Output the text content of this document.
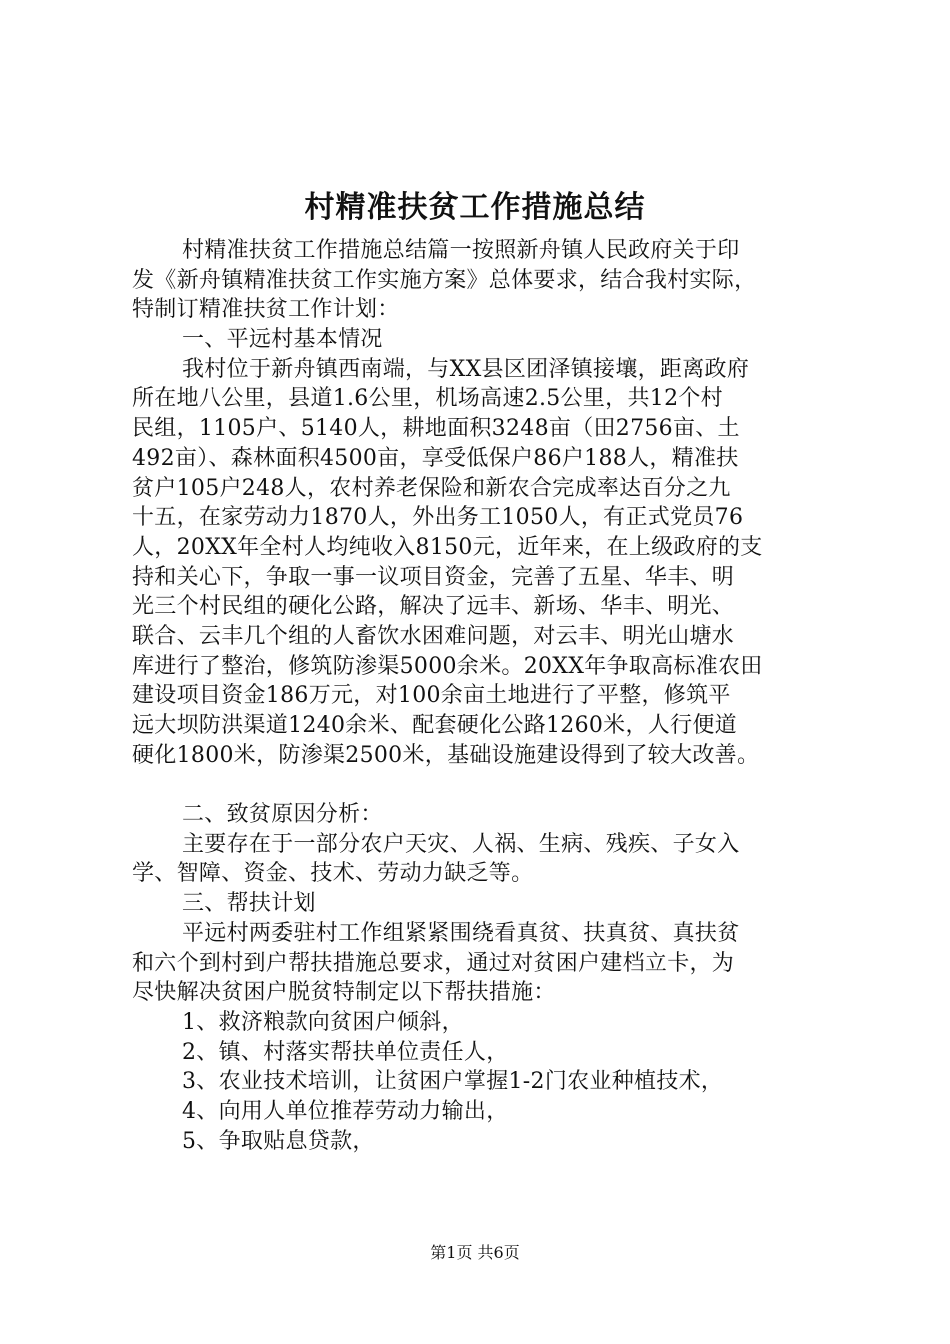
村精准扶贫工作措施总结
村精准扶贫工作措施总结篇一按照新舟镇人民政府关于印
发《新舟镇精准扶贫工作实施方案》总体要求，结合我村实际，
特制订精准扶贫工作计划：
一、平远村基本情况
我村位于新舟镇西南端，与XX县区团泽镇接壤，距离政府
所在地八公里，县道1.6公里，机场高速2.5公里，共12个村
民组，1105户、5140人，耕地面积3248亩（田2756亩、土
492亩）、森林面积4500亩，享受低保户86户188人，精准扶
贫户105户248人，农村养老保险和新农合完成率达百分之九
十五，在家劳动力1870人，外出务工1050人，有正式党员76
人，20XX年全村人均纯收入8150元，近年来，在上级政府的支
持和关心下，争取一事一议项目资金，完善了五星、华丰、明
光三个村民组的硬化公路，解决了远丰、新场、华丰、明光、
联合、云丰几个组的人畜饮水困难问题，对云丰、明光山塘水
库进行了整治，修筑防渗渠5000余米。20XX年争取高标准农田
建设项目资金186万元，对100余亩土地进行了平整，修筑平
远大坝防洪渠道1240余米、配套硬化公路1260米，人行便道
硬化1800米，防渗渠2500米，基础设施建设得到了较大改善。
二、致贫原因分析：
主要存在于一部分农户天灾、人祸、生病、残疾、子女入
学、智障、资金、技术、劳动力缺乏等。
三、帮扶计划
平远村两委驻村工作组紧紧围绕看真贫、扶真贫、真扶贫
和六个到村到户帮扶措施总要求，通过对贫困户建档立卡，为
尽快解决贫困户脱贫特制定以下帮扶措施：
1、救济粮款向贫困户倾斜，
2、镇、村落实帮扶单位责任人，
3、农业技术培训，让贫困户掌握1-2门农业种植技术，
4、向用人单位推荐劳动力输出，
5、争取贴息贷款，
第1页 共6页
